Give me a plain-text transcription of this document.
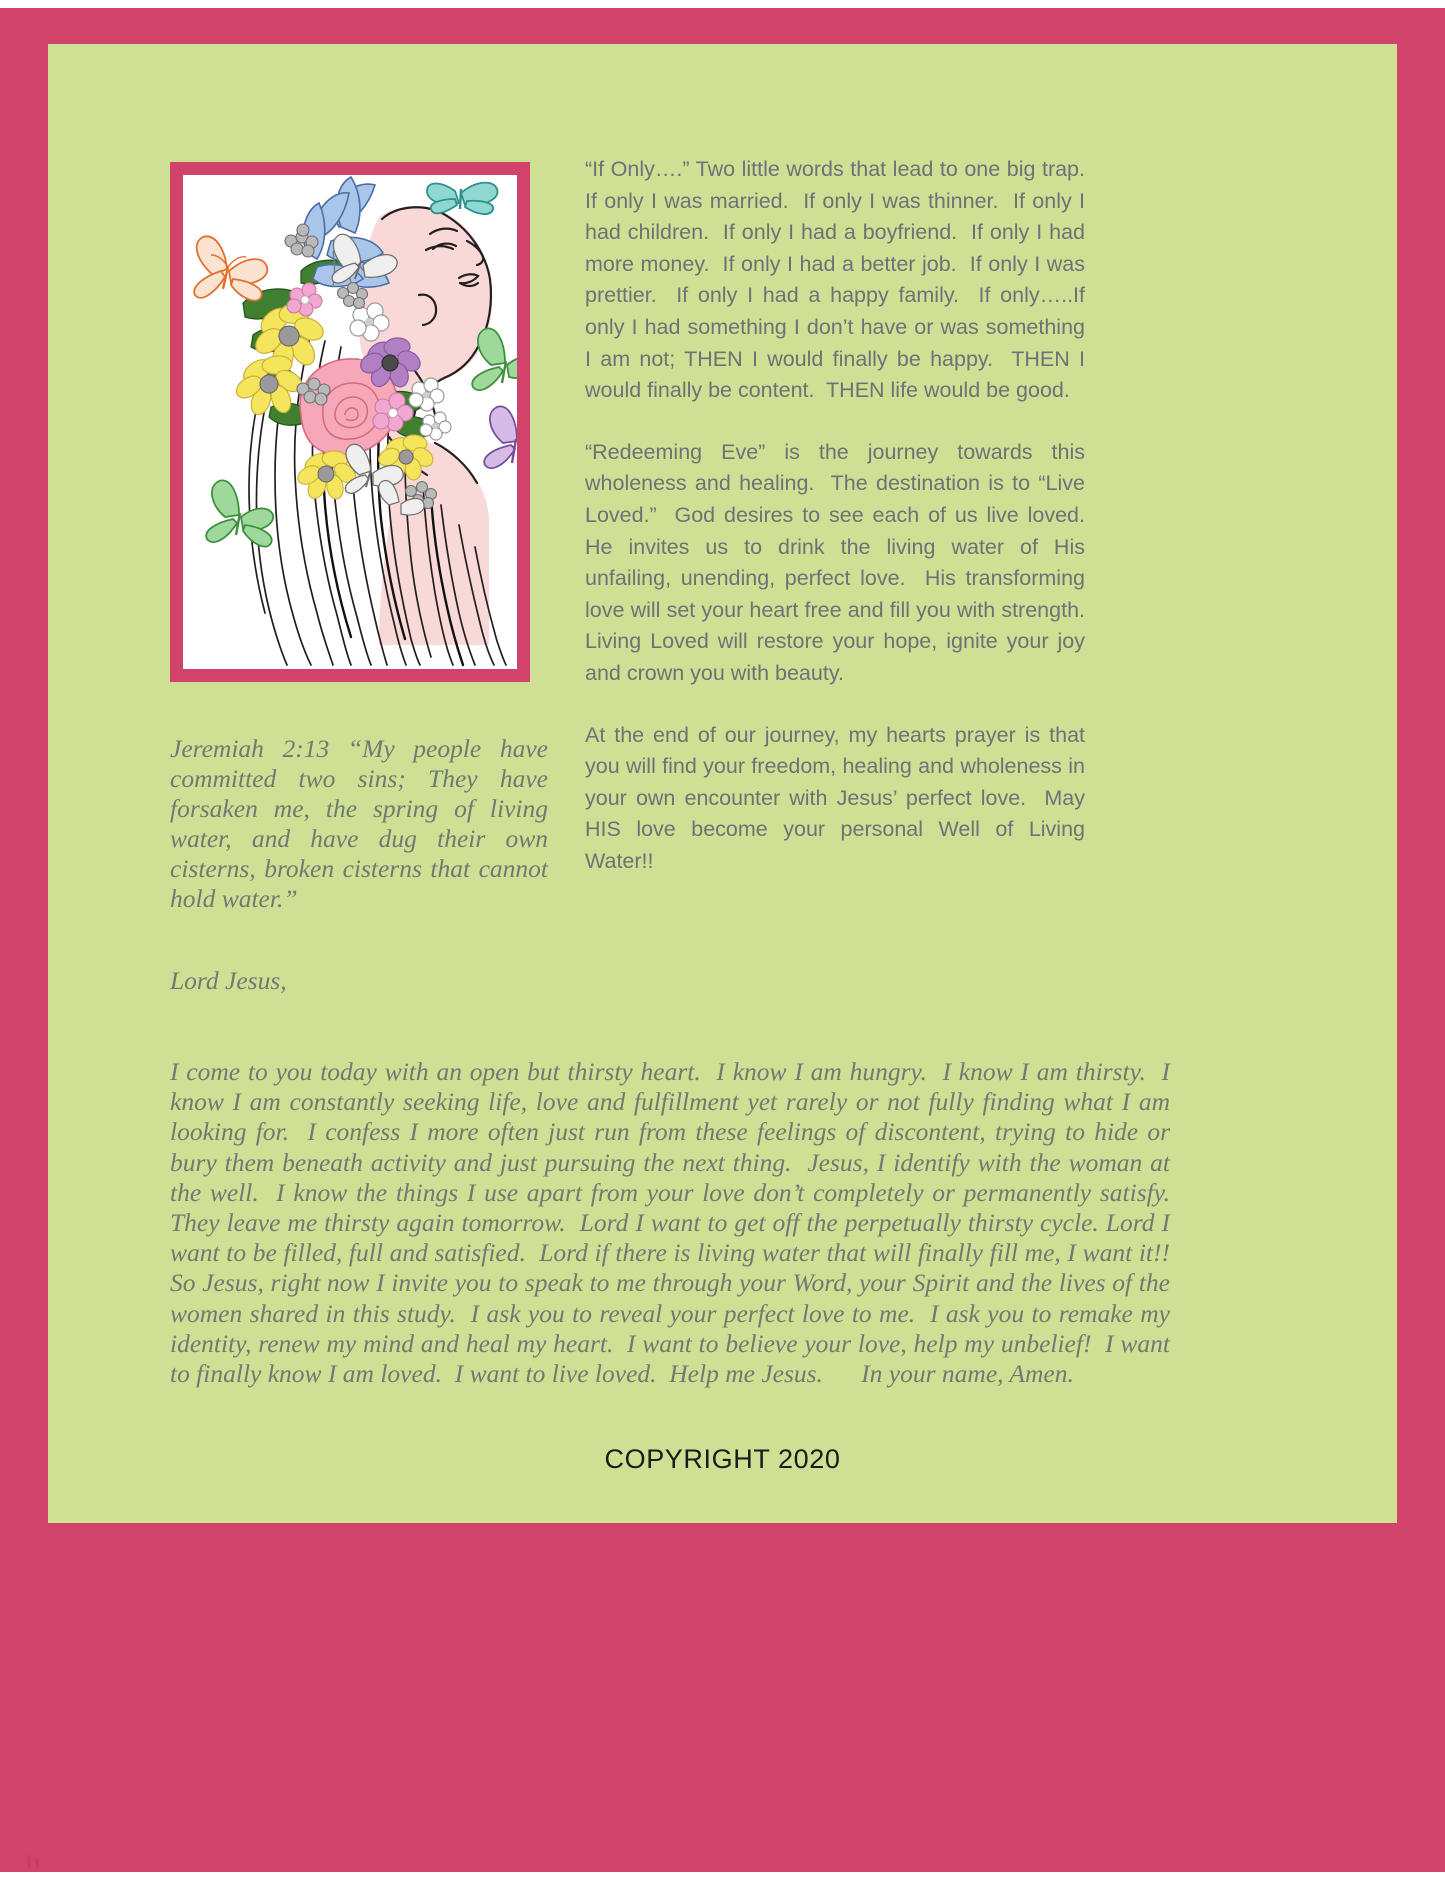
“If Only….” Two little words that lead to one big trap.  If only I was married.  If only I was thinner.  If only I had children.  If only I had a boyfriend.  If only I had more money.  If only I had a better job.  If only I was prettier.  If only I had a happy family.  If only…..If only I had something I don’t have or was something I am not; THEN I would finally be happy.  THEN I would finally be content.  THEN life would be good.

“Redeeming Eve” is the journey towards this wholeness and healing.  The destination is to “Live Loved.”  God desires to see each of us live loved.  He invites us to drink the living water of His unfailing, unending, perfect love.  His transforming love will set your heart free and fill you with strength.  Living Loved will restore your hope, ignite your joy and crown you with beauty.

At the end of our journey, my hearts prayer is that you will find your freedom, healing and wholeness in your own encounter with Jesus’ perfect love.  May HIS love become your personal Well of Living Water!!

Jeremiah 2:13 “My people have committed two sins; They have forsaken me, the spring of living water, and have dug their own cisterns, broken cisterns that cannot hold water.”

Lord Jesus,

I come to you today with an open but thirsty heart.  I know I am hungry.  I know I am thirsty.  I know I am constantly seeking life, love and fulfillment yet rarely or not fully finding what I am looking for.  I confess I more often just run from these feelings of discontent, trying to hide or bury them beneath activity and just pursuing the next thing.  Jesus, I identify with the woman at the well.  I know the things I use apart from your love don’t completely or permanently satisfy.  They leave me thirsty again tomorrow.  Lord I want to get off the perpetually thirsty cycle. Lord I want to be filled, full and satisfied.  Lord if there is living water that will finally fill me, I want it!!  So Jesus, right now I invite you to speak to me through your Word, your Spirit and the lives of the women shared in this study.  I ask you to reveal your perfect love to me.  I ask you to remake my identity, renew my mind and heal my heart.  I want to believe your love, help my unbelief!  I want to finally know I am loved.  I want to live loved.  Help me Jesus.      In your name, Amen.

COPYRIGHT 2020
